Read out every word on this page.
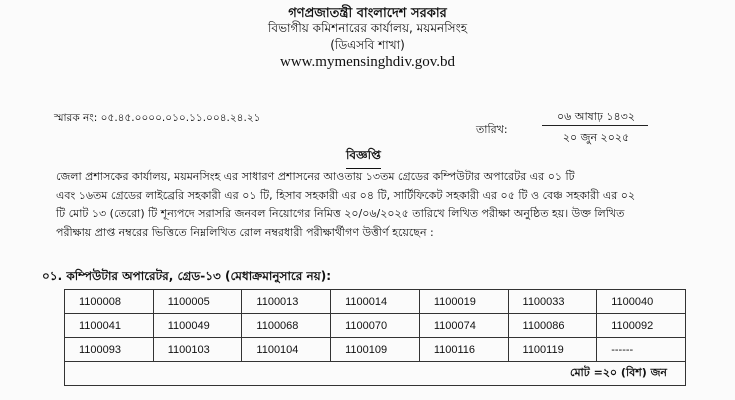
গণপ্রজাতন্ত্রী বাংলাদেশ সরকার
বিভাগীয় কমিশনারের কার্যালয়, ময়মনসিংহ
(ডিএসবি শাখা)
www.mymensinghdiv.gov.bd
স্মারক নং: ০৫.৪৫.০০০০.০১০.১১.০০৪.২৪.২১
তারিখ:
০৬ আষাঢ় ১৪৩২
২০ জুন ২০২৫
বিজ্ঞপ্তি

জেলা প্রশাসকের কার্যালয়, ময়মনসিংহ এর সাধারণ প্রশাসনের আওতায় ১৩তম গ্রেডের কম্পিউটার অপারেটর এর ০১ টি

এবং ১৬তম গ্রেডের লাইব্রেরি সহকারী এর ০১ টি, হিসাব সহকারী এর ০৪ টি, সার্টিফিকেট সহকারী এর ০৫ টি ও বেঞ্চ সহকারী এর ০২

টি মোট ১৩ (তেরো) টি শূন্যপদে সরাসরি জনবল নিয়োগের নিমিত্ত ২০/০৬/২০২৫ তারিখে লিখিত পরীক্ষা অনুষ্ঠিত হয়। উক্ত লিখিত

পরীক্ষায় প্রাপ্ত নম্বরের ভিত্তিতে নিম্নলিখিত রোল নম্বরধারী পরীক্ষার্থীগণ উত্তীর্ণ হয়েছেন :

০১. কম্পিউটার অপারেটর, গ্রেড-১৩ (মেধাক্রমানুসারে নয়):
1100008	1100005	1100013	1100014	1100019	1100033	1100040
1100041	1100049	1100068	1100070	1100074	1100086	1100092
1100093	1100103	1100104	1100109	1100116	1100119	------
মোট =২০ (বিশ) জন						
